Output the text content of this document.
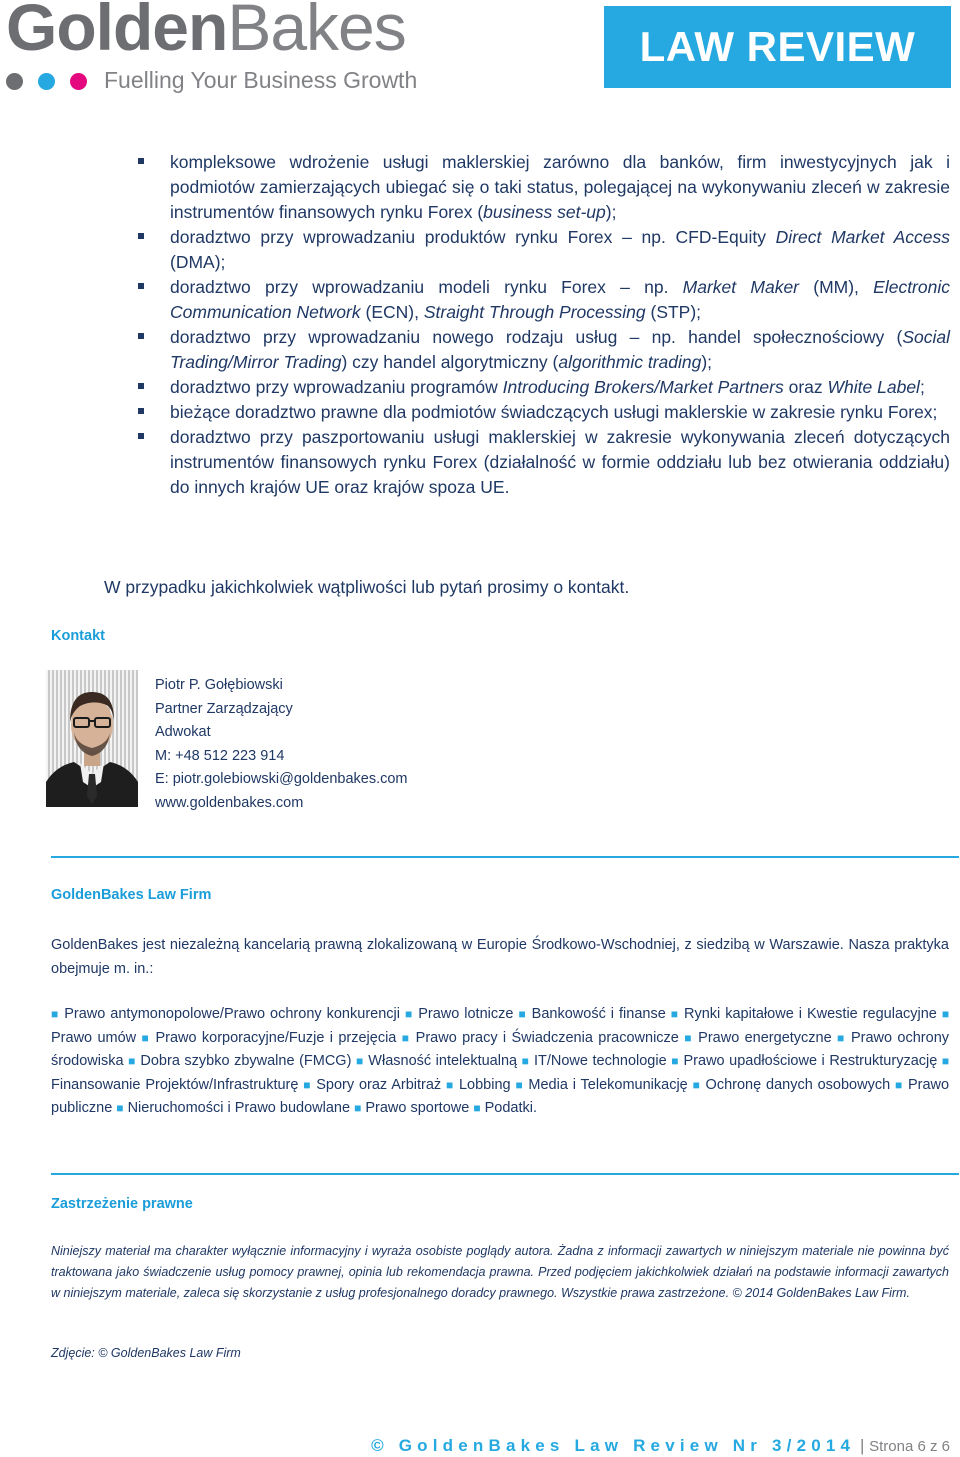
GoldenBakes
Fuelling Your Business Growth
LAW REVIEW
kompleksowe wdrożenie usługi maklerskiej zarówno dla banków, firm inwestycyjnych jak i podmiotów zamierzających ubiegać się o taki status, polegającej na wykonywaniu zleceń w zakresie instrumentów finansowych rynku Forex (business set-up);
doradztwo przy wprowadzaniu produktów rynku Forex – np. CFD-Equity Direct Market Access (DMA);
doradztwo przy wprowadzaniu modeli rynku Forex – np. Market Maker (MM), Electronic Communication Network (ECN), Straight Through Processing (STP);
doradztwo przy wprowadzaniu nowego rodzaju usług – np. handel społecznościowy (Social Trading/Mirror Trading) czy handel algorytmiczny (algorithmic trading);
doradztwo przy wprowadzaniu programów Introducing Brokers/Market Partners oraz White Label;
bieżące doradztwo prawne dla podmiotów świadczących usługi maklerskie w zakresie rynku Forex;
doradztwo przy paszportowaniu usługi maklerskiej w zakresie wykonywania zleceń dotyczących instrumentów finansowych rynku Forex (działalność w formie oddziału lub bez otwierania oddziału) do innych krajów UE oraz krajów spoza UE.
W przypadku jakichkolwiek wątpliwości lub pytań prosimy o kontakt.
Kontakt
Piotr P. Gołębiowski
Partner Zarządzający
Adwokat
M: +48 512 223 914
E: piotr.golebiowski@goldenbakes.com
www.goldenbakes.com
GoldenBakes Law Firm
GoldenBakes jest niezależną kancelarią prawną zlokalizowaną w Europie Środkowo-Wschodniej, z siedzibą w Warszawie. Nasza praktyka obejmuje m. in.:

■ Prawo antymonopolowe/Prawo ochrony konkurencji ■ Prawo lotnicze ■ Bankowość i finanse ■ Rynki kapitałowe i Kwestie regulacyjne ■ Prawo umów ■ Prawo korporacyjne/Fuzje i przejęcia ■ Prawo pracy i Świadczenia pracownicze ■ Prawo energetyczne ■ Prawo ochrony środowiska ■ Dobra szybko zbywalne (FMCG) ■ Własność intelektualną ■ IT/Nowe technologie ■ Prawo upadłościowe i Restrukturyzację ■ Finansowanie Projektów/Infrastrukturę ■ Spory oraz Arbitraż ■ Lobbing ■ Media i Telekomunikację ■ Ochronę danych osobowych ■ Prawo publiczne ■ Nieruchomości i Prawo budowlane ■ Prawo sportowe ■ Podatki.

Zastrzeżenie prawne
Niniejszy materiał ma charakter wyłącznie informacyjny i wyraża osobiste poglądy autora. Żadna z informacji zawartych w niniejszym materiale nie powinna być traktowana jako świadczenie usług pomocy prawnej, opinia lub rekomendacja prawna. Przed podjęciem jakichkolwiek działań na podstawie informacji zawartych w niniejszym materiale, zaleca się skorzystanie z usług profesjonalnego doradcy prawnego. Wszystkie prawa zastrzeżone. © 2014 GoldenBakes Law Firm.
Zdjęcie: © GoldenBakes Law Firm
© GoldenBakes Law Review Nr 3/2014 | Strona 6 z 6
